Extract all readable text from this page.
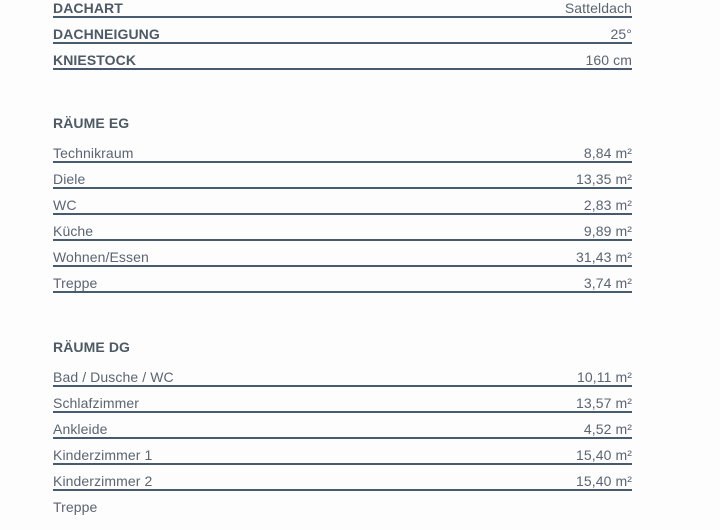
DACHART	Satteldach
DACHNEIGUNG	25°
KNIESTOCK	160 cm
RÄUME EG
Technikraum	8,84 m²
Diele	13,35 m²
WC	2,83 m²
Küche	9,89 m²
Wohnen/Essen	31,43 m²
Treppe	3,74 m²
RÄUME DG
Bad / Dusche / WC	10,11 m²
Schlafzimmer	13,57 m²
Ankleide	4,52 m²
Kinderzimmer 1	15,40 m²
Kinderzimmer 2	15,40 m²
Treppe
